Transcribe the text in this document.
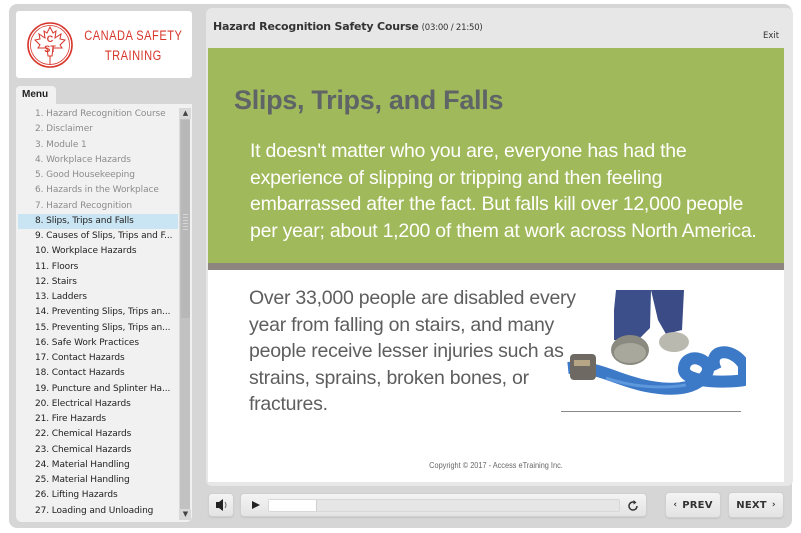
C
ST
CANADA SAFETY
TRAINING
Menu
1. Hazard Recognition Course
2. Disclaimer
3. Module 1
4. Workplace Hazards
5. Good Housekeeping
6. Hazards in the Workplace
7. Hazard Recognition
8. Slips, Trips and Falls
9. Causes of Slips, Trips and F...
10. Workplace Hazards
11. Floors
12. Stairs
13. Ladders
14. Preventing Slips, Trips an...
15. Preventing Slips, Trips an...
16. Safe Work Practices
17. Contact Hazards
18. Contact Hazards
19. Puncture and Splinter Ha...
20. Electrical Hazards
21. Fire Hazards
22. Chemical Hazards
23. Chemical Hazards
24. Material Handling
25. Material Handling
26. Lifting Hazards
27. Loading and Unloading
▲
▼
Hazard Recognition Safety Course (03:00 / 21:50)
Exit
Slips, Trips, and Falls
It doesn't matter who you are, everyone has had the experience of slipping or tripping and then feeling embarrassed after the fact. But falls kill over 12,000 people per year; about 1,200 of them at work across North America.
Over 33,000 people are disabled every year from falling on stairs, and many people receive lesser injuries such as strains, sprains, broken bones, or fractures.
Copyright © 2017 - Access eTraining Inc.
‹ PREV NEXT ›
